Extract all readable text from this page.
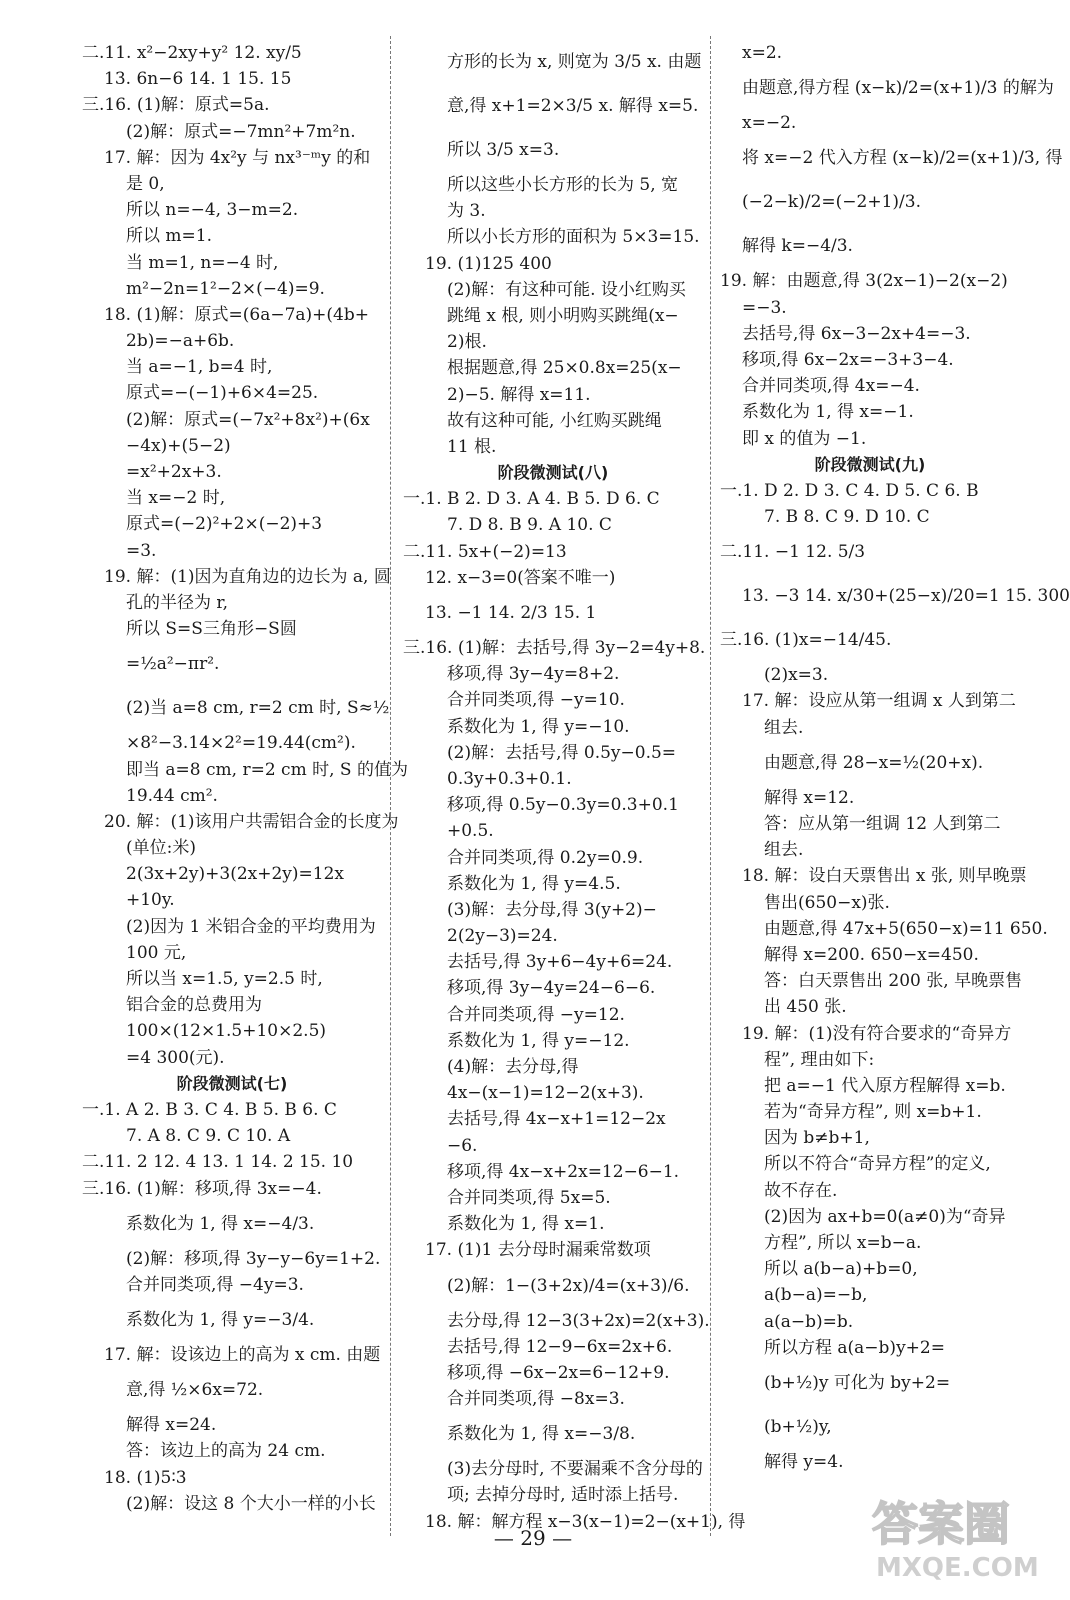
二.11. x²−2xy+y² 12. xy/5
13. 6n−6 14. 1 15. 15
三.16. (1)解：原式=5a.
(2)解：原式=−7mn²+7m²n.
17. 解：因为 4x²y 与 nx³⁻ᵐy 的和
是 0,
所以 n=−4, 3−m=2.
所以 m=1.
当 m=1, n=−4 时,
m²−2n=1²−2×(−4)=9.
18. (1)解：原式=(6a−7a)+(4b+
2b)=−a+6b.
当 a=−1, b=4 时,
原式=−(−1)+6×4=25.
(2)解：原式=(−7x²+8x²)+(6x
−4x)+(5−2)
=x²+2x+3.
当 x=−2 时,
原式=(−2)²+2×(−2)+3
=3.
19. 解：(1)因为直角边的边长为 a, 圆
孔的半径为 r,
所以 S=S三角形−S圆
=½a²−πr².
(2)当 a=8 cm, r=2 cm 时, S≈½
×8²−3.14×2²=19.44(cm²).
即当 a=8 cm, r=2 cm 时, S 的值为
19.44 cm².
20. 解：(1)该用户共需铝合金的长度为
(单位:米)
2(3x+2y)+3(2x+2y)=12x
+10y.
(2)因为 1 米铝合金的平均费用为
100 元,
所以当 x=1.5, y=2.5 时,
铝合金的总费用为
100×(12×1.5+10×2.5)
=4 300(元).
阶段微测试(七)
一.1. A 2. B 3. C 4. B 5. B 6. C
7. A 8. C 9. C 10. A
二.11. 2 12. 4 13. 1 14. 2 15. 10
三.16. (1)解：移项,得 3x=−4.
系数化为 1, 得 x=−4/3.
(2)解：移项,得 3y−y−6y=1+2.
合并同类项,得 −4y=3.
系数化为 1, 得 y=−3/4.
17. 解：设该边上的高为 x cm. 由题
意,得 ½×6x=72.
解得 x=24.
答：该边上的高为 24 cm.
18. (1)5∶3
(2)解：设这 8 个大小一样的小长
方形的长为 x, 则宽为 3/5 x. 由题
意,得 x+1=2×3/5 x. 解得 x=5.
所以 3/5 x=3.
所以这些小长方形的长为 5, 宽
为 3.
所以小长方形的面积为 5×3=15.
19. (1)125 400
(2)解：有这种可能. 设小红购买
跳绳 x 根, 则小明购买跳绳(x−
2)根.
根据题意,得 25×0.8x=25(x−
2)−5. 解得 x=11.
故有这种可能, 小红购买跳绳
11 根.
阶段微测试(八)
一.1. B 2. D 3. A 4. B 5. D 6. C
7. D 8. B 9. A 10. C
二.11. 5x+(−2)=13
12. x−3=0(答案不唯一)
13. −1 14. 2/3 15. 1
三.16. (1)解：去括号,得 3y−2=4y+8.
移项,得 3y−4y=8+2.
合并同类项,得 −y=10.
系数化为 1, 得 y=−10.
(2)解：去括号,得 0.5y−0.5=
0.3y+0.3+0.1.
移项,得 0.5y−0.3y=0.3+0.1
+0.5.
合并同类项,得 0.2y=0.9.
系数化为 1, 得 y=4.5.
(3)解：去分母,得 3(y+2)−
2(2y−3)=24.
去括号,得 3y+6−4y+6=24.
移项,得 3y−4y=24−6−6.
合并同类项,得 −y=12.
系数化为 1, 得 y=−12.
(4)解：去分母,得
4x−(x−1)=12−2(x+3).
去括号,得 4x−x+1=12−2x
−6.
移项,得 4x−x+2x=12−6−1.
合并同类项,得 5x=5.
系数化为 1, 得 x=1.
17. (1)1 去分母时漏乘常数项
(2)解：1−(3+2x)/4=(x+3)/6.
去分母,得 12−3(3+2x)=2(x+3).
去括号,得 12−9−6x=2x+6.
移项,得 −6x−2x=6−12+9.
合并同类项,得 −8x=3.
系数化为 1, 得 x=−3/8.
(3)去分母时, 不要漏乘不含分母的
项; 去掉分母时, 适时添上括号.
18. 解：解方程 x−3(x−1)=2−(x+1), 得
x=2.
由题意,得方程 (x−k)/2=(x+1)/3 的解为
x=−2.
将 x=−2 代入方程 (x−k)/2=(x+1)/3, 得
(−2−k)/2=(−2+1)/3.
解得 k=−4/3.
19. 解：由题意,得 3(2x−1)−2(x−2)
=−3.
去括号,得 6x−3−2x+4=−3.
移项,得 6x−2x=−3+3−4.
合并同类项,得 4x=−4.
系数化为 1, 得 x=−1.
即 x 的值为 −1.
阶段微测试(九)
一.1. D 2. D 3. C 4. D 5. C 6. B
7. B 8. C 9. D 10. C
二.11. −1 12. 5/3
13. −3 14. x/30+(25−x)/20=1 15. 300
三.16. (1)x=−14/45.
(2)x=3.
17. 解：设应从第一组调 x 人到第二
组去.
由题意,得 28−x=½(20+x).
解得 x=12.
答：应从第一组调 12 人到第二
组去.
18. 解：设白天票售出 x 张, 则早晚票
售出(650−x)张.
由题意,得 47x+5(650−x)=11 650.
解得 x=200. 650−x=450.
答：白天票售出 200 张, 早晚票售
出 450 张.
19. 解：(1)没有符合要求的“奇异方
程”, 理由如下:
把 a=−1 代入原方程解得 x=b.
若为“奇异方程”, 则 x=b+1.
因为 b≠b+1,
所以不符合“奇异方程”的定义,
故不存在.
(2)因为 ax+b=0(a≠0)为“奇异
方程”, 所以 x=b−a.
所以 a(b−a)+b=0,
a(b−a)=−b,
a(a−b)=b.
所以方程 a(a−b)y+2=
(b+½)y 可化为 by+2=
(b+½)y,
解得 y=4.
— 29 —	答案圈
MXQE.COM
